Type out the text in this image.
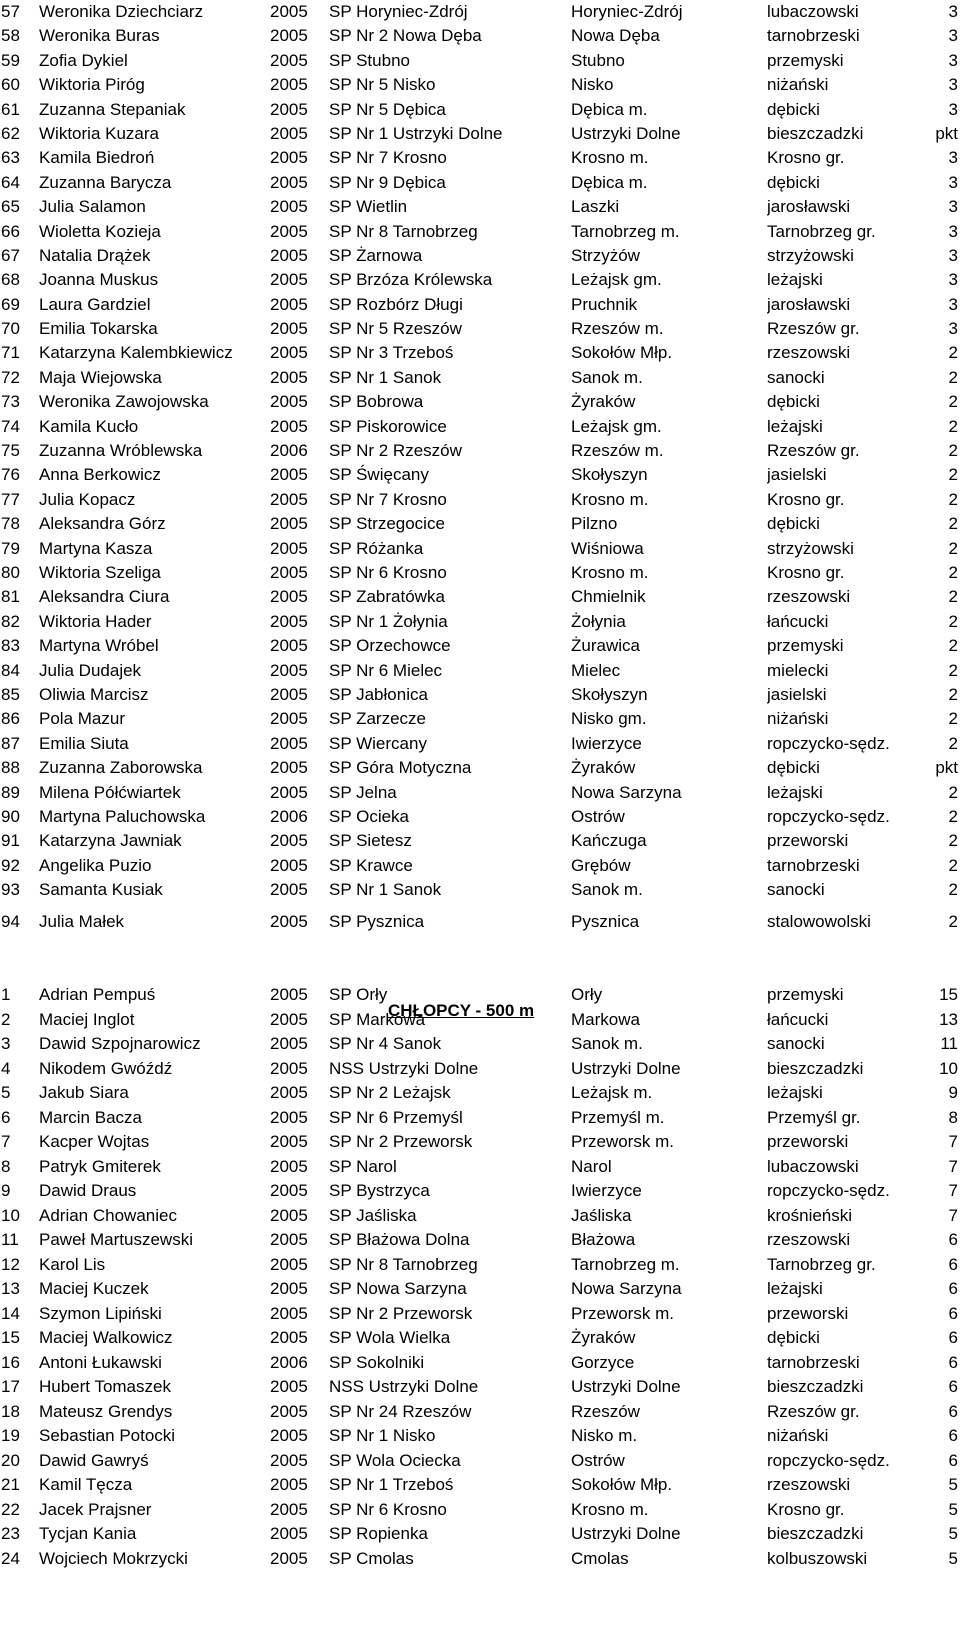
57	Weronika Dziechciarz	2005	SP Horyniec-Zdrój	Horyniec-Zdrój	lubaczowski	3
58	Weronika Buras	2005	SP Nr 2 Nowa Dęba	Nowa Dęba	tarnobrzeski	3
59	Zofia Dykiel	2005	SP Stubno	Stubno	przemyski	3
60	Wiktoria Piróg	2005	SP Nr 5 Nisko	Nisko	niżański	3
61	Zuzanna Stepaniak	2005	SP Nr 5 Dębica	Dębica m.	dębicki	3
62	Wiktoria Kuzara	2005	SP Nr 1 Ustrzyki Dolne	Ustrzyki Dolne	bieszczadzki	pkt
63	Kamila Biedroń	2005	SP Nr 7 Krosno	Krosno m.	Krosno gr.	3
64	Zuzanna Barycza	2005	SP Nr 9 Dębica	Dębica m.	dębicki	3
65	Julia Salamon	2005	SP Wietlin	Laszki	jarosławski	3
66	Wioletta Kozieja	2005	SP Nr 8 Tarnobrzeg	Tarnobrzeg m.	Tarnobrzeg gr.	3
67	Natalia Drążek	2005	SP Żarnowa	Strzyżów	strzyżowski	3
68	Joanna Muskus	2005	SP Brzóza Królewska	Leżajsk gm.	leżajski	3
69	Laura Gardziel	2005	SP Rozbórz Długi	Pruchnik	jarosławski	3
70	Emilia Tokarska	2005	SP Nr 5 Rzeszów	Rzeszów m.	Rzeszów gr.	3
71	Katarzyna Kalembkiewicz	2005	SP Nr 3 Trzeboś	Sokołów Młp.	rzeszowski	2
72	Maja Wiejowska	2005	SP Nr 1 Sanok	Sanok m.	sanocki	2
73	Weronika Zawojowska	2005	SP Bobrowa	Żyraków	dębicki	2
74	Kamila Kucło	2005	SP Piskorowice	Leżajsk gm.	leżajski	2
75	Zuzanna Wróblewska	2006	SP Nr 2 Rzeszów	Rzeszów m.	Rzeszów gr.	2
76	Anna Berkowicz	2005	SP Święcany	Skołyszyn	jasielski	2
77	Julia Kopacz	2005	SP Nr 7 Krosno	Krosno m.	Krosno gr.	2
78	Aleksandra Górz	2005	SP Strzegocice	Pilzno	dębicki	2
79	Martyna Kasza	2005	SP Różanka	Wiśniowa	strzyżowski	2
80	Wiktoria Szeliga	2005	SP Nr 6 Krosno	Krosno m.	Krosno gr.	2
81	Aleksandra Ciura	2005	SP Zabratówka	Chmielnik	rzeszowski	2
82	Wiktoria Hader	2005	SP Nr 1 Żołynia	Żołynia	łańcucki	2
83	Martyna Wróbel	2005	SP Orzechowce	Żurawica	przemyski	2
84	Julia Dudajek	2005	SP Nr 6 Mielec	Mielec	mielecki	2
85	Oliwia Marcisz	2005	SP Jabłonica	Skołyszyn	jasielski	2
86	Pola Mazur	2005	SP Zarzecze	Nisko gm.	niżański	2
87	Emilia Siuta	2005	SP Wiercany	Iwierzyce	ropczycko-sędz.	2
88	Zuzanna Zaborowska	2005	SP Góra Motyczna	Żyraków	dębicki	pkt
89	Milena Półćwiartek	2005	SP Jelna	Nowa Sarzyna	leżajski	2
90	Martyna Paluchowska	2006	SP Ocieka	Ostrów	ropczycko-sędz.	2
91	Katarzyna Jawniak	2005	SP Sietesz	Kańczuga	przeworski	2
92	Angelika Puzio	2005	SP Krawce	Grębów	tarnobrzeski	2
93	Samanta Kusiak	2005	SP Nr 1 Sanok	Sanok m.	sanocki	2
94	Julia Małek	2005	SP Pysznica	Pysznica	stalowowolski	2
CHŁOPCY - 500 m
1	Adrian Pempuś	2005	SP Orły	Orły	przemyski	15
2	Maciej Inglot	2005	SP Markowa	Markowa	łańcucki	13
3	Dawid Szpojnarowicz	2005	SP Nr 4 Sanok	Sanok m.	sanocki	11
4	Nikodem Gwóźdź	2005	NSS Ustrzyki Dolne	Ustrzyki Dolne	bieszczadzki	10
5	Jakub Siara	2005	SP Nr 2 Leżajsk	Leżajsk m.	leżajski	9
6	Marcin Bacza	2005	SP Nr 6 Przemyśl	Przemyśl m.	Przemyśl gr.	8
7	Kacper Wojtas	2005	SP Nr 2 Przeworsk	Przeworsk m.	przeworski	7
8	Patryk Gmiterek	2005	SP Narol	Narol	lubaczowski	7
9	Dawid Draus	2005	SP Bystrzyca	Iwierzyce	ropczycko-sędz.	7
10	Adrian Chowaniec	2005	SP Jaśliska	Jaśliska	krośnieński	7
11	Paweł Martuszewski	2005	SP Błażowa Dolna	Błażowa	rzeszowski	6
12	Karol Lis	2005	SP Nr 8 Tarnobrzeg	Tarnobrzeg m.	Tarnobrzeg gr.	6
13	Maciej Kuczek	2005	SP Nowa Sarzyna	Nowa Sarzyna	leżajski	6
14	Szymon Lipiński	2005	SP Nr 2 Przeworsk	Przeworsk m.	przeworski	6
15	Maciej Walkowicz	2005	SP Wola Wielka	Żyraków	dębicki	6
16	Antoni Łukawski	2006	SP Sokolniki	Gorzyce	tarnobrzeski	6
17	Hubert Tomaszek	2005	NSS Ustrzyki Dolne	Ustrzyki Dolne	bieszczadzki	6
18	Mateusz Grendys	2005	SP Nr 24 Rzeszów	Rzeszów	Rzeszów gr.	6
19	Sebastian Potocki	2005	SP Nr 1 Nisko	Nisko m.	niżański	6
20	Dawid Gawryś	2005	SP Wola Ociecka	Ostrów	ropczycko-sędz.	6
21	Kamil Tęcza	2005	SP Nr 1 Trzeboś	Sokołów Młp.	rzeszowski	5
22	Jacek Prajsner	2005	SP Nr 6 Krosno	Krosno m.	Krosno gr.	5
23	Tycjan Kania	2005	SP Ropienka	Ustrzyki Dolne	bieszczadzki	5
24	Wojciech Mokrzycki	2005	SP Cmolas	Cmolas	kolbuszowski	5
